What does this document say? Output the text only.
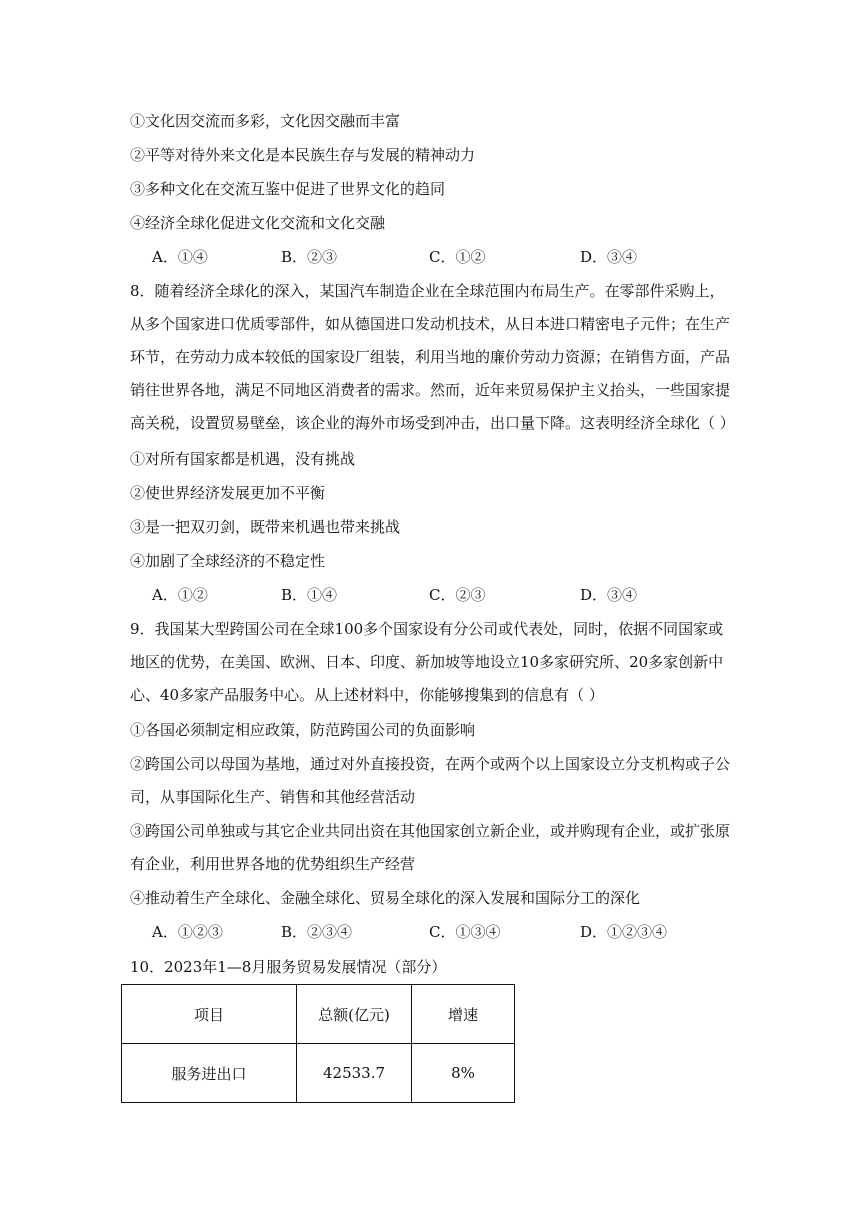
①文化因交流而多彩，文化因交融而丰富
②平等对待外来文化是本民族生存与发展的精神动力
③多种文化在交流互鉴中促进了世界文化的趋同
④经济全球化促进文化交流和文化交融
A．①④	B．②③	C．①②	D．③④
8．随着经济全球化的深入，某国汽车制造企业在全球范围内布局生产。在零部件采购上，
从多个国家进口优质零部件，如从德国进口发动机技术，从日本进口精密电子元件；在生产
环节，在劳动力成本较低的国家设厂组装，利用当地的廉价劳动力资源；在销售方面，产品
销往世界各地，满足不同地区消费者的需求。然而，近年来贸易保护主义抬头，一些国家提
高关税，设置贸易壁垒，该企业的海外市场受到冲击，出口量下降。这表明经济全球化（ ）
①对所有国家都是机遇，没有挑战
②使世界经济发展更加不平衡
③是一把双刃剑，既带来机遇也带来挑战
④加剧了全球经济的不稳定性
A．①②	B．①④	C．②③	D．③④
9．我国某大型跨国公司在全球100多个国家设有分公司或代表处，同时，依据不同国家或
地区的优势，在美国、欧洲、日本、印度、新加坡等地设立10多家研究所、20多家创新中
心、40多家产品服务中心。从上述材料中，你能够搜集到的信息有（ ）
①各国必须制定相应政策，防范跨国公司的负面影响
②跨国公司以母国为基地，通过对外直接投资，在两个或两个以上国家设立分支机构或子公
司，从事国际化生产、销售和其他经营活动
③跨国公司单独或与其它企业共同出资在其他国家创立新企业，或并购现有企业，或扩张原
有企业，利用世界各地的优势组织生产经营
④推动着生产全球化、金融全球化、贸易全球化的深入发展和国际分工的深化
A．①②③	B．②③④	C．①③④	D．①②③④
10．2023年1—8月服务贸易发展情况（部分）
项目	总额(亿元)	增速
服务进出口	42533.7	8%
